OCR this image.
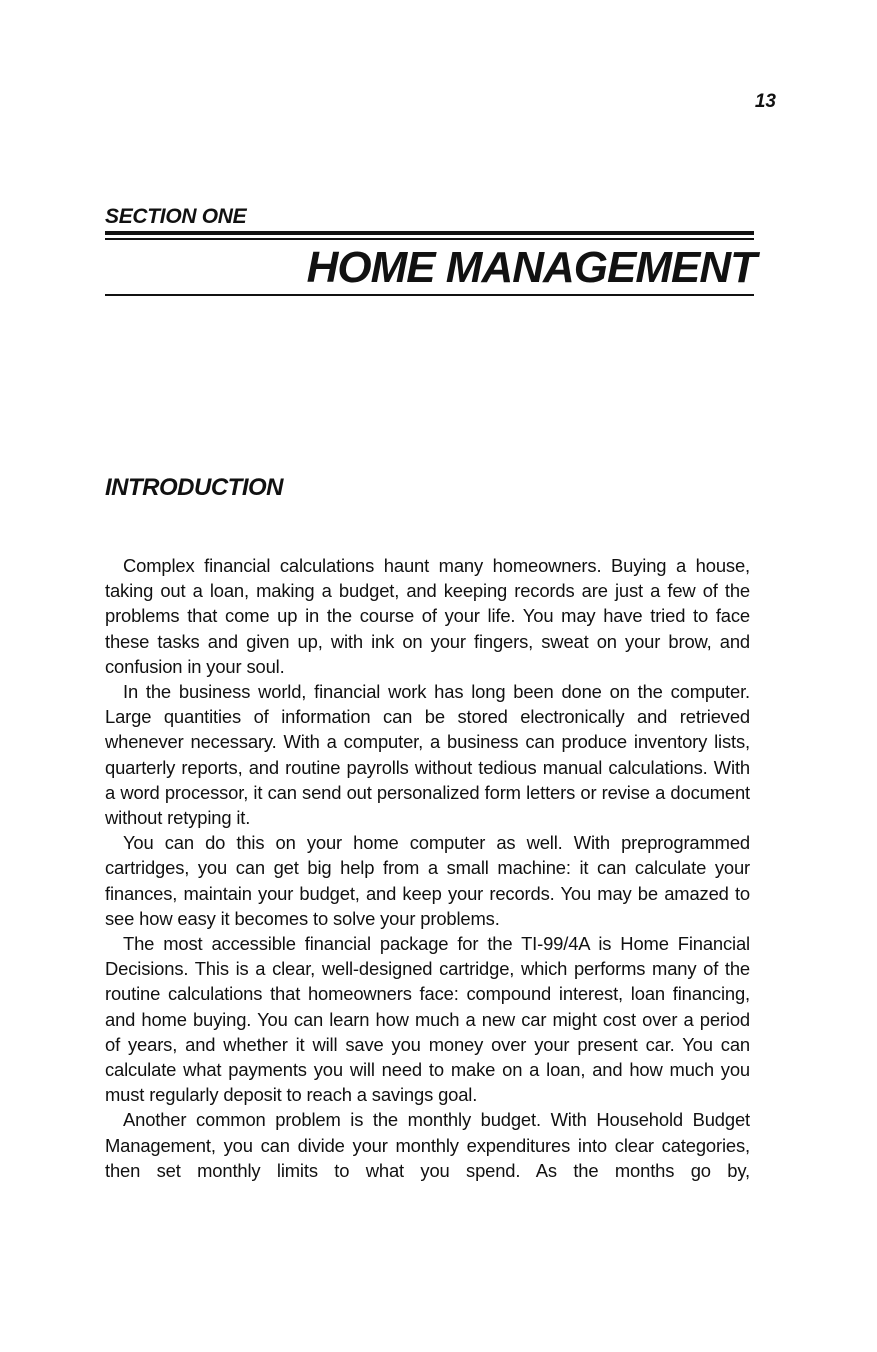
13
SECTION ONE
HOME MANAGEMENT
INTRODUCTION

Complex financial calculations haunt many homeowners. Buying a house, taking out a loan, making a budget, and keeping records are just a few of the problems that come up in the course of your life. You may have tried to face these tasks and given up, with ink on your fingers, sweat on your brow, and confusion in your soul.

In the business world, financial work has long been done on the computer. Large quantities of information can be stored electronically and retrieved whenever necessary. With a computer, a business can produce inventory lists, quarterly reports, and routine payrolls without tedious manual calculations. With a word processor, it can send out personalized form letters or revise a document without retyping it.

You can do this on your home computer as well. With preprogrammed cartridges, you can get big help from a small machine: it can calculate your finances, maintain your budget, and keep your records. You may be amazed to see how easy it becomes to solve your problems.

The most accessible financial package for the TI-99/4A is Home Financial Decisions. This is a clear, well-designed cartridge, which performs many of the routine calculations that homeowners face: compound interest, loan financing, and home buying. You can learn how much a new car might cost over a period of years, and whether it will save you money over your present car. You can calculate what payments you will need to make on a loan, and how much you must regularly deposit to reach a savings goal.

Another common problem is the monthly budget. With Household Budget Management, you can divide your monthly expenditures into clear categories, then set monthly limits to what you spend. As the months go by,
